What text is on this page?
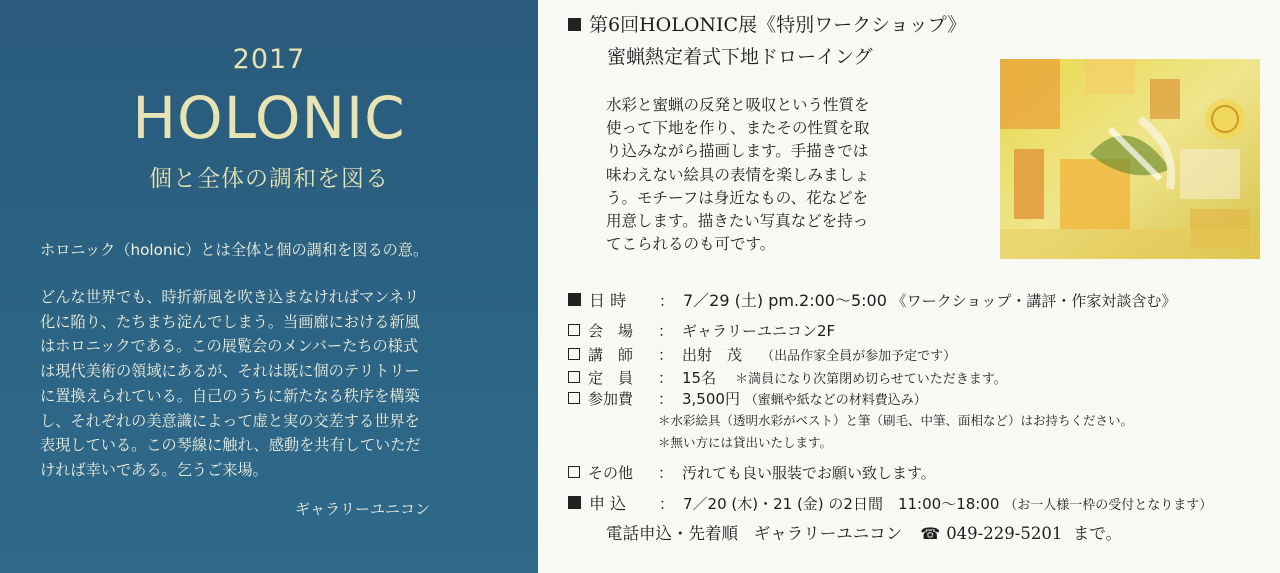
2017
HOLONIC
個と全体の調和を図る
ホロニック（holonic）とは全体と個の調和を図るの意。
どんな世界でも、時折新風を吹き込まなければマンネリ
化に陥り、たちまち淀んでしまう。当画廊における新風
はホロニックである。この展覧会のメンバーたちの様式
は現代美術の領域にあるが、それは既に個のテリトリー
に置換えられている。自己のうちに新たなる秩序を構築
し、それぞれの美意識によって虚と実の交差する世界を
表現している。この琴線に触れ、感動を共有していただ
ければ幸いである。乞うご来場。
ギャラリーユニコン
第6回HOLONIC展《特別ワークショップ》
蜜蝋熱定着式下地ドローイング
水彩と蜜蝋の反発と吸収という性質を
使って下地を作り、またその性質を取
り込みながら描画します。手描きでは
味わえない絵具の表情を楽しみましょ
う。モチーフは身近なもの、花などを
用意します。描きたい写真などを持っ
てこられるのも可です。
日 時 ： 7／29 (土) pm.2:00〜5:00 《ワークショップ・講評・作家対談含む》
会　場 ： ギャラリーユニコン2F
講　師 ： 出射　茂 （出品作家全員が参加予定です）
定　員 ： 15名 ＊満員になり次第閉め切らせていただきます。
参加費 ： 3,500円 （蜜蝋や紙などの材料費込み）
＊水彩絵具（透明水彩がベスト）と筆（刷毛、中筆、面相など）はお持ちください。
＊無い方には貸出いたします。
その他 ： 汚れても良い服装でお願い致します。
申 込 ： 7／20 (木)・21 (金) の2日間　11:00〜18:00 （お一人様一枠の受付となります）
電話申込・先着順 ギャラリーユニコン ☎ 049-229-5201 まで。
